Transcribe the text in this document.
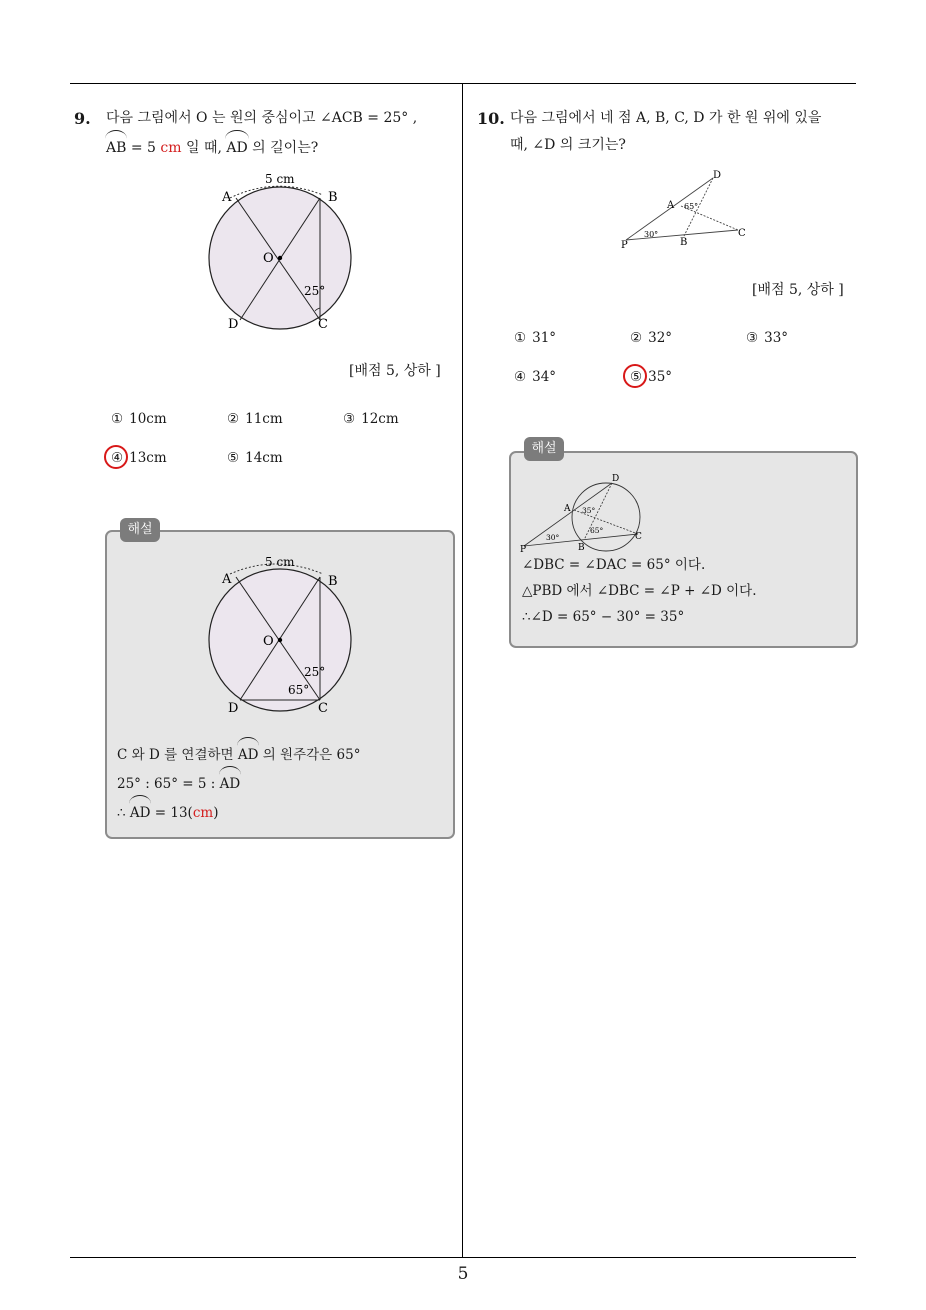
9. 다음 그림에서 O 는 원의 중심이고 ∠ACB = 25° ,
AB = 5 cm 일 때, AD 의 길이는?
5 cm
A	B
O
25°
D	C
[배점 5, 상하 ]
① 10cm	② 11cm	③ 12cm
④ 13cm	⑤ 14cm
해설
5 cm
A	B
O
25°
65°
D	C
C 와 D 를 연결하면 AD 의 원주각은 65°
25° : 65° = 5 : AD
∴ AD = 13(cm)
10. 다음 그림에서 네 점 A, B, C, D 가 한 원 위에 있을
때, ∠D 의 크기는?
D
A 65°
30°	C
P	B
[배점 5, 상하 ]
① 31°	② 32°	③ 33°
④ 34°	⑤ 35°
해설
D
A 35°
65°
30°	C
P	B
∠DBC = ∠DAC = 65° 이다.
△PBD 에서 ∠DBC = ∠P + ∠D 이다.
∴∠D = 65° − 30° = 35°
5
